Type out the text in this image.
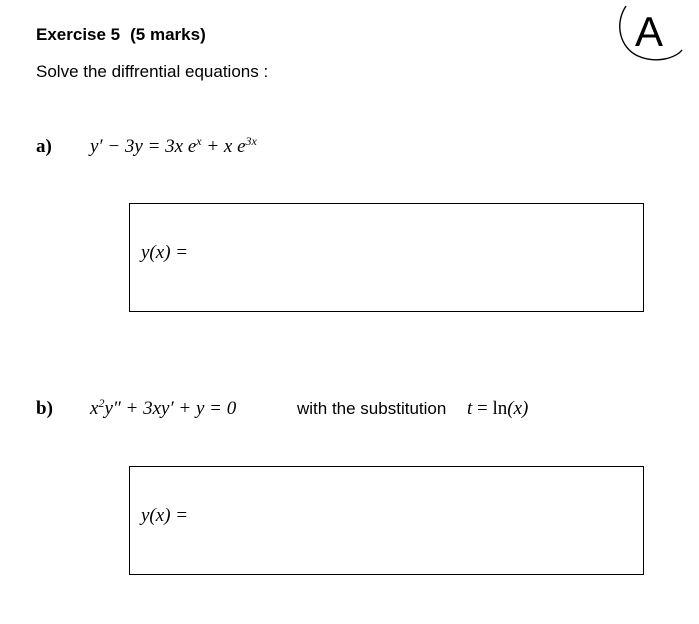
Exercise 5 (5 marks)	A
Solve the diffrential equations :
a) y′ − 3y = 3x $e^x + x$ $e^{3x}$
y(x) =
b) $x^2y'' + 3xy' + y = 0$	with the substitution t = ln(x)
y(x) =
